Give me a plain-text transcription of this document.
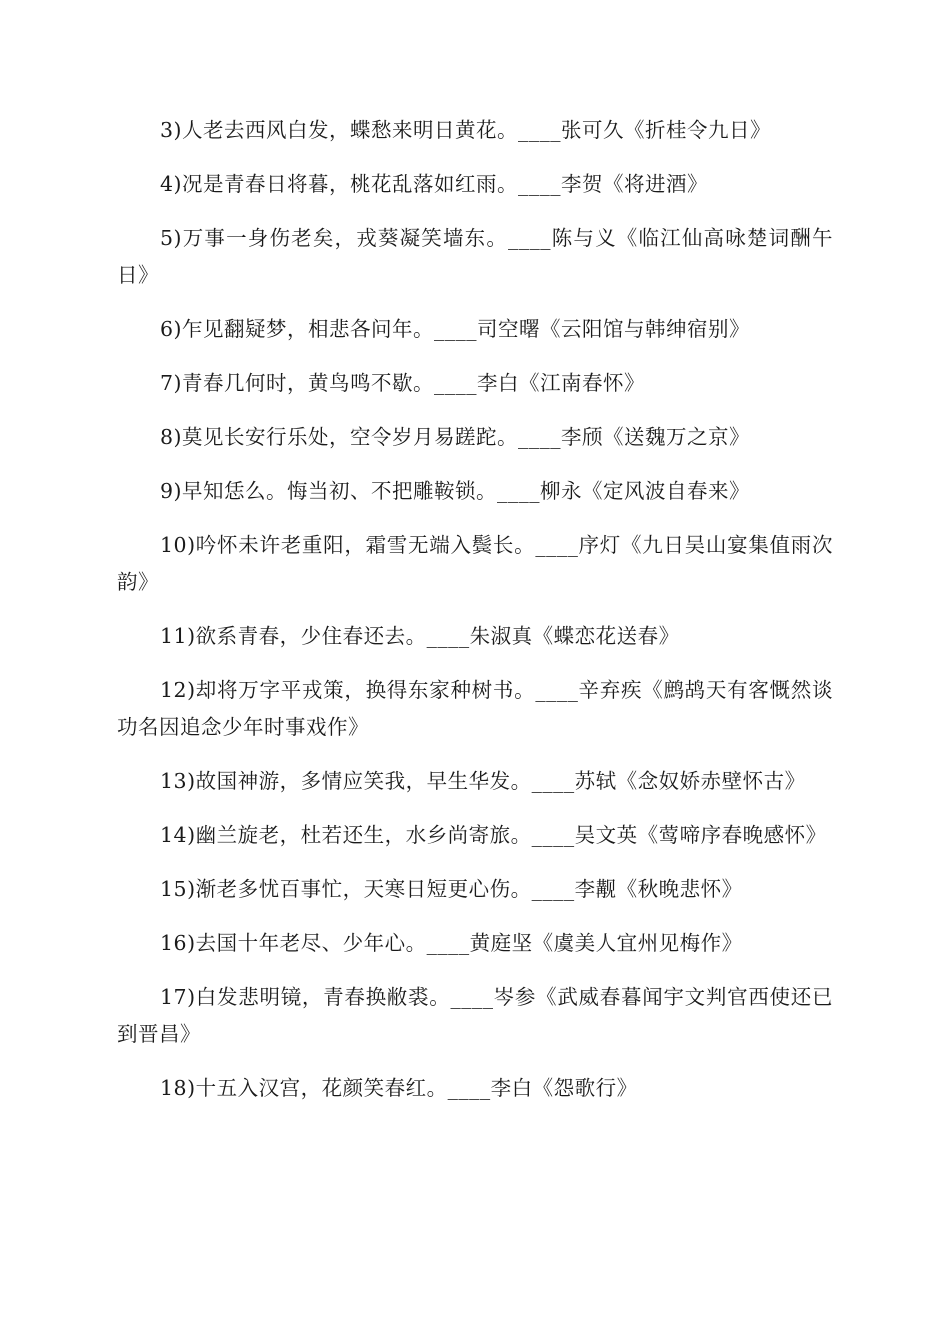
3)人老去西风白发，蝶愁来明日黄花。____张可久《折桂令九日》

4)况是青春日将暮，桃花乱落如红雨。____李贺《将进酒》

5)万事一身伤老矣，戎葵凝笑墙东。____陈与义《临江仙高咏楚词酬午日》

6)乍见翻疑梦，相悲各问年。____司空曙《云阳馆与韩绅宿别》

7)青春几何时，黄鸟鸣不歇。____李白《江南春怀》

8)莫见长安行乐处，空令岁月易蹉跎。____李颀《送魏万之京》

9)早知恁么。悔当初、不把雕鞍锁。____柳永《定风波自春来》

10)吟怀未许老重阳，霜雪无端入鬓长。____序灯《九日吴山宴集值雨次韵》

11)欲系青春，少住春还去。____朱淑真《蝶恋花送春》

12)却将万字平戎策，换得东家种树书。____辛弃疾《鹧鸪天有客慨然谈功名因追念少年时事戏作》

13)故国神游，多情应笑我，早生华发。____苏轼《念奴娇赤壁怀古》

14)幽兰旋老，杜若还生，水乡尚寄旅。____吴文英《莺啼序春晚感怀》

15)渐老多忧百事忙，天寒日短更心伤。____李觏《秋晚悲怀》

16)去国十年老尽、少年心。____黄庭坚《虞美人宜州见梅作》

17)白发悲明镜，青春换敝裘。____岑参《武威春暮闻宇文判官西使还已到晋昌》

18)十五入汉宫，花颜笑春红。____李白《怨歌行》
